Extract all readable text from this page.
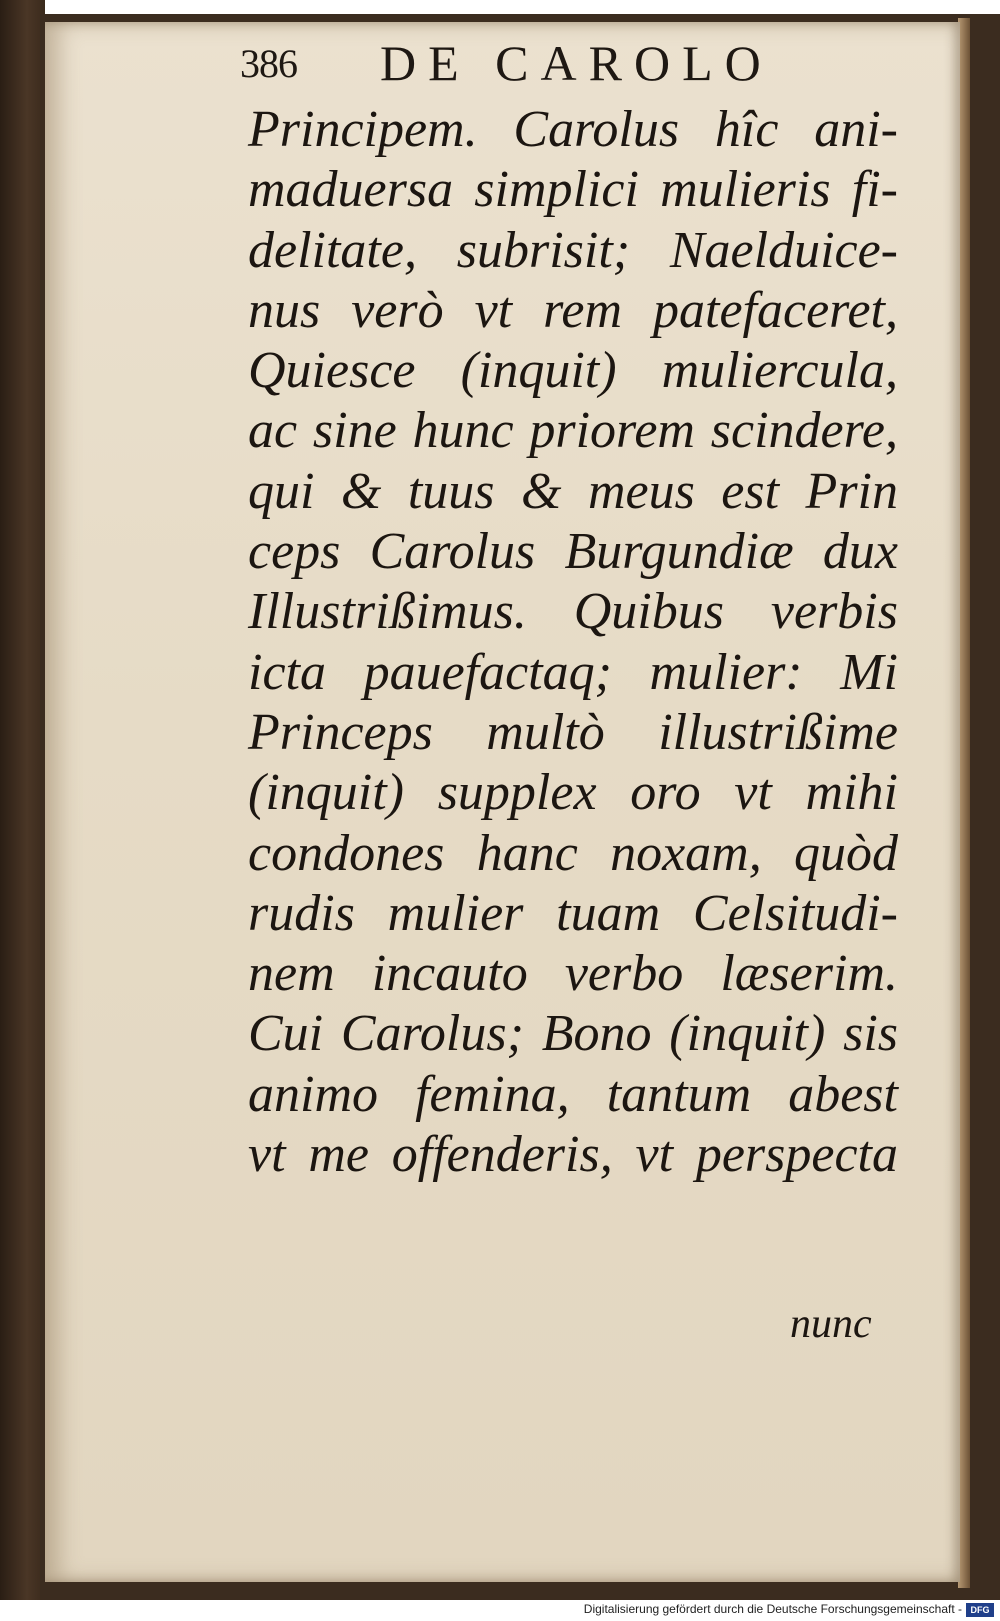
386 DE CAROLO
Principem. Carolus hîc ani-
maduersa simplici mulieris fi-
delitate, subrisit; Naelduice-
nus verò vt rem patefaceret,
Quiesce (inquit) muliercula,
ac sine hunc priorem scindere,
qui & tuus & meus est Prin
ceps Carolus Burgundiæ dux
Illustrißimus. Quibus verbis
icta pauefactaq; mulier: Mi
Princeps multò illustrißime
(inquit) supplex oro vt mihi
condones hanc noxam, quòd
rudis mulier tuam Celsitudi-
nem incauto verbo læserim.
Cui Carolus; Bono (inquit) sis
animo femina, tantum abest
vt me offenderis, vt perspecta
nunc
Digitalisierung gefördert durch die Deutsche Forschungsgemeinschaft - DFG
